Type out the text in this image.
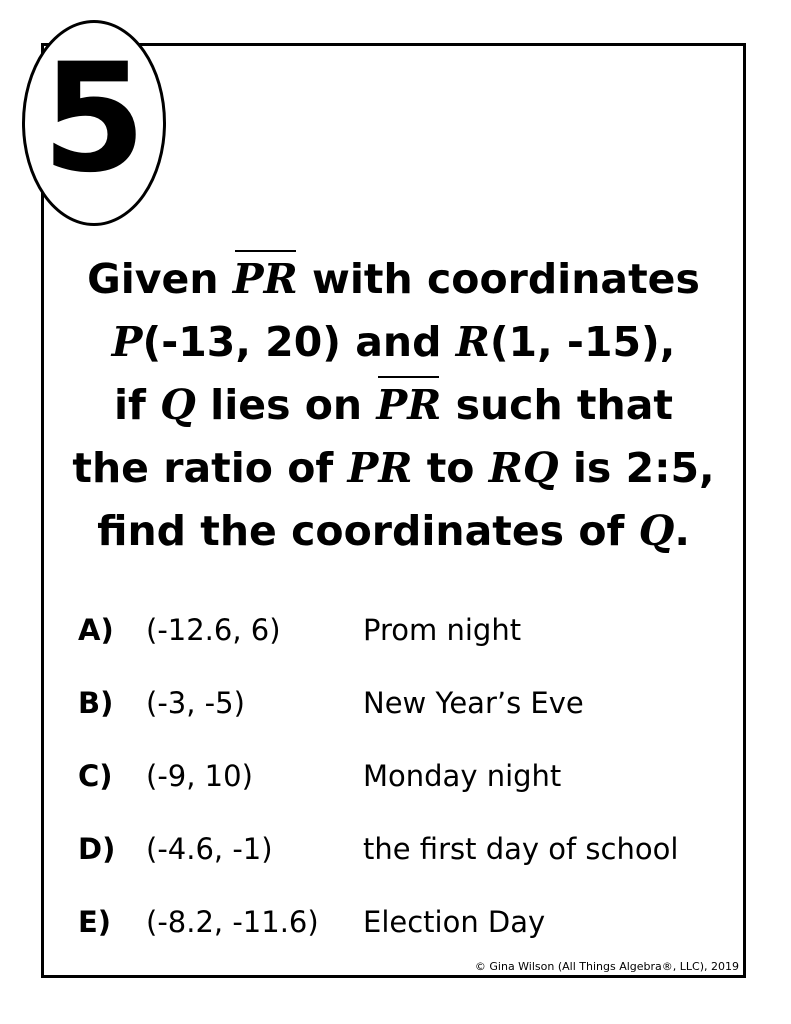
5
Given PR with coordinates
P(-13, 20) and R(1, -15),
if Q lies on PR such that
the ratio of PR to RQ is 2:5,
find the coordinates of Q.
A) (-12.6, 6)	Prom night
B) (-3, -5)	New Year’s Eve
C) (-9, 10)	Monday night
D) (-4.6, -1)	the first day of school
E) (-8.2, -11.6) Election Day
© Gina Wilson (All Things Algebra®, LLC), 2019
